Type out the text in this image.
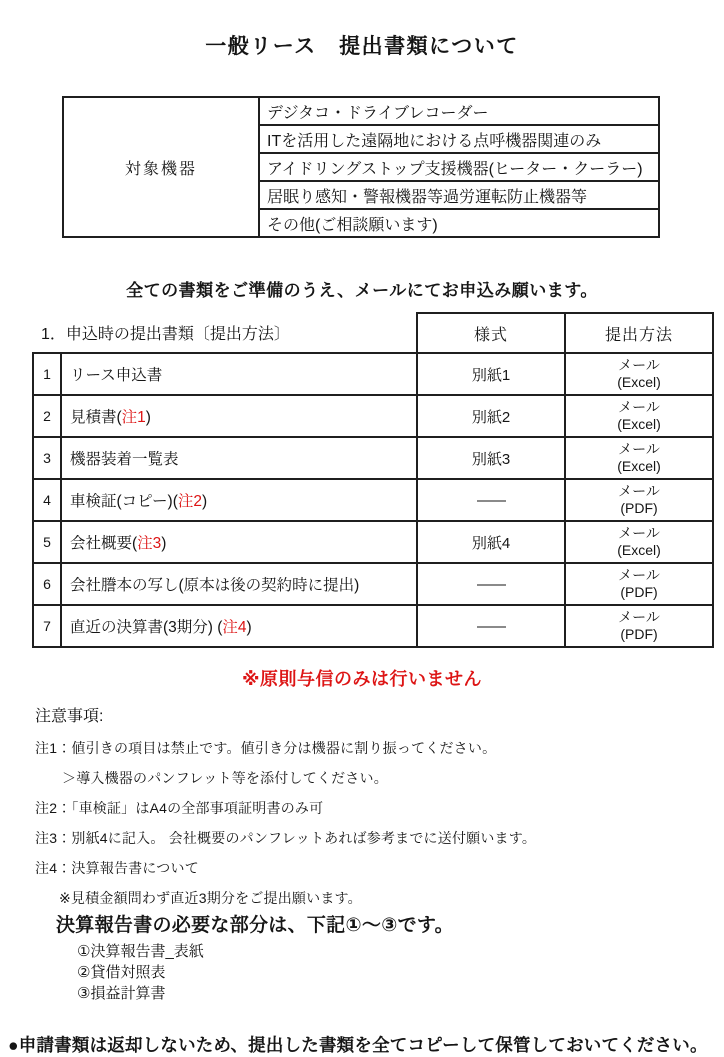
一般リース　提出書類について
対象機器	デジタコ・ドライブレコーダー
ITを活用した遠隔地における点呼機器関連のみ
アイドリングストップ支援機器(ヒーター・クーラー)
居眠り感知・警報機器等過労運転防止機器等
その他(ご相談願います)
全ての書類をご準備のうえ、メールにてお申込み願います。
1．申込時の提出書類〔提出方法〕		様式	提出方法
1	リース申込書	別紙1	メール
(Excel)

2	見積書(注1)	別紙2	メール
(Excel)

3	機器装着一覧表	別紙3	メール
(Excel)

4	車検証(コピー)(注2)	――	メール
(PDF)

5	会社概要(注3)	別紙4	メール
(Excel)

6	会社謄本の写し(原本は後の契約時に提出)	――	メール
(PDF)

7	直近の決算書(3期分) (注4)	――	メール
(PDF)
※原則与信のみは行いません
注意事項:
注1：値引きの項目は禁止です。値引き分は機器に割り振ってください。
＞導入機器のパンフレット等を添付してください。
注2：「車検証」はA4の全部事項証明書のみ可
注3：別紙4に記入。 会社概要のパンフレットあれば参考までに送付願います。
注4：決算報告書について
※見積金額問わず直近3期分をご提出願います。
決算報告書の必要な部分は、下記①～③です。
①決算報告書_表紙
②貸借対照表
③損益計算書
●申請書類は返却しないため、提出した書類を全てコピーして保管しておいてください。
